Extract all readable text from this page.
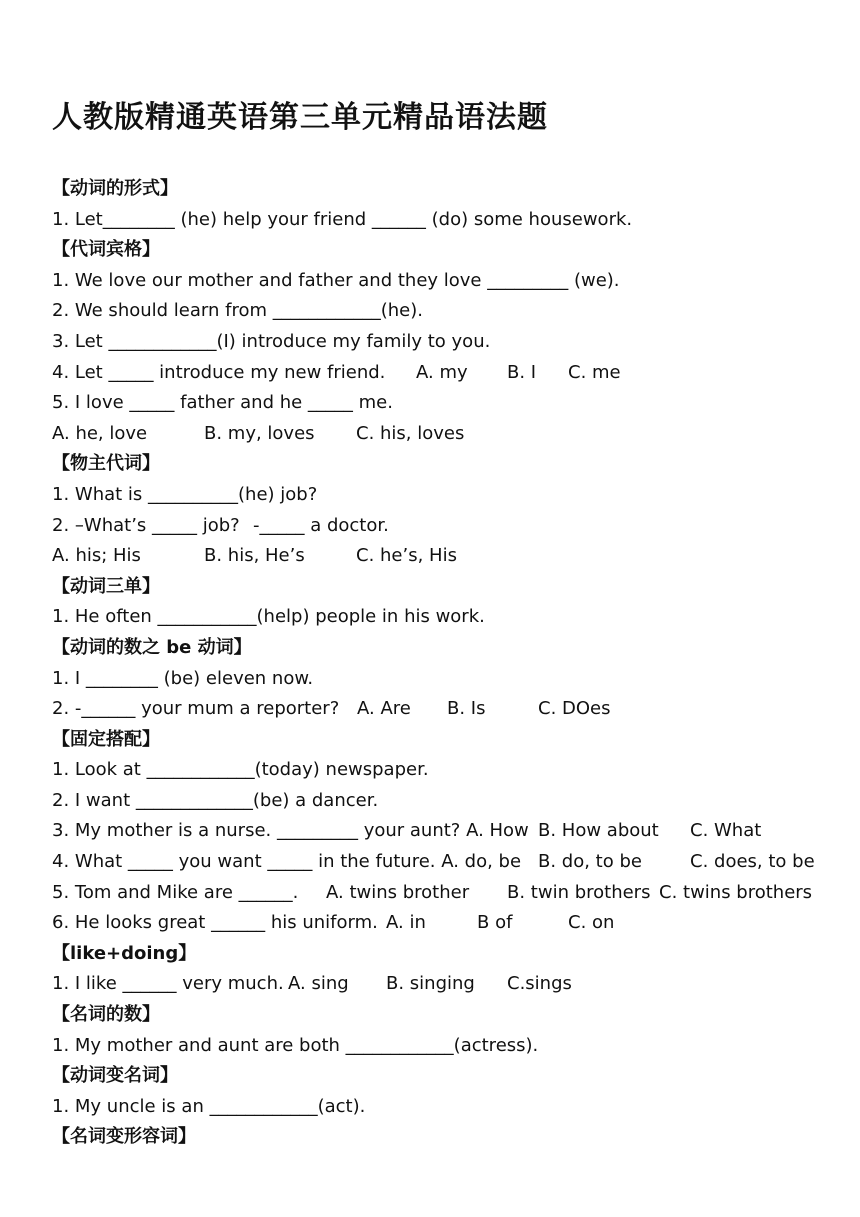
人教版精通英语第三单元精品语法题
【动词的形式】
1. Let________ (he) help your friend ______ (do) some housework.
【代词宾格】
1. We love our mother and father and they love _________ (we).
2. We should learn from ____________(he).
3. Let ____________(I) introduce my family to you.
4. Let _____ introduce my new friend. A. my B. I C. me
5. I love _____ father and he _____ me.
A. he, love	B. my, loves C. his, loves
【物主代词】
1. What is __________(he) job?
2. –What’s _____ job? -_____ a doctor.
A. his; His	B. his, He’s	C. he’s, His
【动词三单】
1. He often ___________(help) people in his work.
【动词的数之 be 动词】
1. I ________ (be) eleven now.
2. -______ your mum a reporter? A. Are B. Is	C. DOes
【固定搭配】
1. Look at ____________(today) newspaper.
2. I want _____________(be) a dancer.
3. My mother is a nurse. _________ your aunt? A. How B. How about C. What
4. What _____ you want _____ in the future. A. do, be B. do, to be	C. does, to be
5. Tom and Mike are ______. A. twins brother B. twin brothers C. twins brothers
6. He looks great ______ his uniform. A. in	B of	C. on
【like+doing】
1. I like ______ very much. A. sing B. singing C.sings
【名词的数】
1. My mother and aunt are both ____________(actress).
【动词变名词】
1. My uncle is an ____________(act).
【名词变形容词】
